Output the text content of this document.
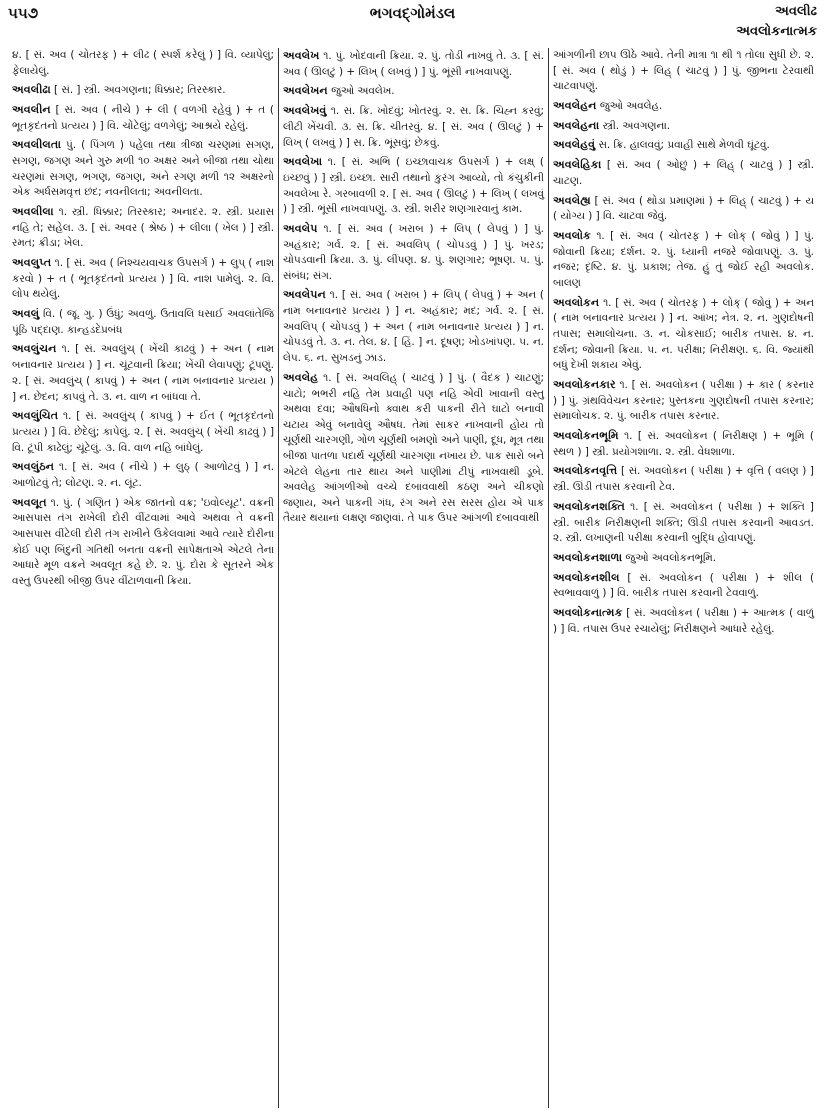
૫૫૭	ભગવદ્ગોમંડલ	અવલીઢ
અવલોકનાત્મક

૪. [ સં. અવ ( ચોતરફ ) + લીઢ ( સ્પર્શ કરેલું ) ] વિ. વ્યાપેલું; ફેલાયેલું.

અવલીઢા [ સં. ] સ્ત્રી. અવગણના; ધિક્કાર; તિરસ્કાર.

અવલીન [ સં. અવ ( નીચે ) + લી ( વળગી રહેવું ) + ત ( ભૂતકૃદંતનો પ્રત્યય ) ] વિ. ચોંટેલું; વળગેલું; આશ્રયે રહેલું.

અવલીલતા પું. ( પિંગળ ) પહેલા તથા ત્રીજા ચરણમાં સગણ, સગણ, જગણ અને ગુરુ મળી ૧૦ અક્ષર અને બીજા તથા ચોથા ચરણમાં સગણ, ભગણ, જગણ, અને રગણ મળી ૧૨ અક્ષરનો એક અર્ધસમવૃત્ત છંદ; નવનીલતા; અવનીલતા.

અવલીલા ૧. સ્ત્રી. ધિક્કાર; તિરસ્કાર; અનાદર. ૨. સ્ત્રી. પ્રયાસ નહિ તે; સહેલ. ૩. [ સં. અવર ( શ્રેષ્ઠ ) + લીલા ( ખેલ ) ] સ્ત્રી. રમત; ક્રીડા; ખેલ.

અવલુપ્ત ૧. [ સં. અવ ( નિશ્ચયવાચક ઉપસર્ગ ) + લુપ્ ( નાશ કરવો ) + ત ( ભૂતકૃદંતનો પ્રત્યય ) ] વિ. નાશ પામેલું. ૨. વિ. લોપ થયેલું.

અવલું વિ. ( જૂ. ગુ. ) ઉંધું; અવળું. ઉતાવલિ ધસાઈ અવલાંતેજિ પૂંઠિ પદ્દાણ. કાન્હડદેપ્રબંધ

અવલુંચન ૧. [ સં. અવલુંચ્ ( ખેંચી કાઢવું ) + અન ( નામ બનાવનાર પ્રત્યય ) ] ન. ચૂંટવાની ક્રિયા; ખેંચી લેવાપણું; ટૂંપણું. ૨. [ સં. અવલુંચ્ ( કાપવું ) + અન ( નામ બનાવનાર પ્રત્યય ) ] ન. છેદન; કાપવું તે. ૩. ન. વાળ ન બાંધવા તે.

અવલુંચિત ૧. [ સં. અવલુંચ્ ( કાપવું ) + ઈત ( ભૂતકૃદંતનો પ્રત્યય ) ] વિ. છેદેલું; કાપેલું. ૨. [ સં. અવલુંચ્ ( ખેંચી કાઢવું ) ] વિ. ટૂંપી કાઢેલું; ચૂંટેલું. ૩. વિ. વાળ નહિ બાંધેલું.

અવલુંઠન ૧. [ સં. અવ ( નીચે ) + લુઠ્ ( આળોટવું ) ] ન. આળોટવું તે; લોટણ. ૨. ન. લૂંટ.

અવલૂત ૧. પું. ( ગણિત ) એક જાતનો વક્ર; 'ઇવોલ્યૂટ'. વક્રની આસપાસ તંગ રાખેલી દોરી વીંટવામાં આવે અથવા તે વક્રની આસપાસ વીંટેલી દોરી તંગ રાખીને ઉકેલવામાં આવે ત્યારે દોરીના કોઈ પણ બિંદુની ગતિથી બનતા વક્રની સાપેક્ષતાએ એટલે તેના આધારે મૂળ વક્રને અવલૂત કહે છે. ૨. પું. દોરા કે સૂતરને એક વસ્તુ ઉપરથી બીજી ઉપર વીંટાળવાની ક્રિયા.

અવલેખ ૧. પું. ખોદવાની ક્રિયા. ૨. પું. તોડી નાખવું તે. ૩. [ સં. અવ ( ઊલટું ) + લિખ્ ( લખવું ) ] પું. ભૂંસી નાખવાપણું.

અવલેખન જુઓ અવલેખ.

અવલેખવું ૧. સ. ક્રિ. ખોદવું; ખોતરવું. ૨. સ. ક્રિ. ચિહ્ન કરવું; લીટી ખેંચવી. ૩. સ. ક્રિ. ચીતરવું. ૪. [ સં. અવ ( ઊલટું ) + લિખ્ ( લખવું ) ] સ. ક્રિ. ભૂંસવું; છેકવું.

અવલેખા ૧. [ સં. અભિ ( ઇચ્છાવાચક ઉપસર્ગ ) + લક્ષ્ ( ઇચ્છવું ) ] સ્ત્રી. ઇચ્છા. સારી તથાનો કુરંગ આવ્યો, તો કંચુકીની અવલેખા રે. ગરબાવળી ૨. [ સં. અવ ( ઊલટું ) + લિખ્ ( લખવું ) ] સ્ત્રી. ભૂંસી નાખવાપણું. ૩. સ્ત્રી. શરીર શણગારવાનું કામ.

અવલેપ ૧. [ સં. અવ ( ખરાબ ) + લિપ્ ( લેપવું ) ] પું. અહંકાર; ગર્વ. ૨. [ સં. અવલિપ્ ( ચોપડવું ) ] પું. ખરડ; ચોપડવાની ક્રિયા. ૩. પું. લીંપણ. ૪. પું. શણગાર; ભૂષણ. ૫. પું. સંબંધ; સંગ.

અવલેપન ૧. [ સં. અવ ( ખરાબ ) + લિપ્ ( લેપવું ) + અન ( નામ બનાવનાર પ્રત્યય ) ] ન. અહંકાર; મદ; ગર્વ. ૨. [ સં. અવલિપ્ ( ચોપડવું ) + અન ( નામ બનાવનાર પ્રત્યય ) ] ન. ચોપડવું તે. ૩. ન. તેલ. ૪. [ હિં. ] ન. દૂષણ; ખોડખાંપણ. ૫. ન. લેપ. ૬. ન. સુખડનું ઝાડ.

અવલેહ ૧. [ સં. અવલિહ્ ( ચાટવું ) ] પું. ( વૈદક ) ચાટણું; ચાટો; ભભરી નહિ તેમ પ્રવાહી પણ નહિ એવી ખાવાની વસ્તુ અથવા દવા; ઔષધિનો ક્વાથ કરી પાકની રીતે ઘાટો બનાવી ચટાય એવું બનાવેલું ઔષધ. તેમાં સાકર નાખવાની હોય તો ચૂર્ણથી ચારગણી, ગોળ ચૂર્ણથી બમણો અને પાણી, દૂધ, મૂત્ર તથા બીજા પાતળા પદાર્થ ચૂર્ણથી ચારગણા નખાય છે. પાક સારો બને એટલે લેહના તાર થાય અને પાણીમાં ટીપું નાખવાથી ડૂબે. અવલેહ આંગળીઓ વચ્ચે દબાવવાથી કઠણ અને ચીકણો જણાય, અને પાકની ગંધ, રંગ અને રસ સરસ હોય એ પાક તૈયાર થયાનાં લક્ષણ જાણવાં. તે પાક ઉપર આંગળી દબાવવાથી

આંગળીની છાપ ઊઠે આવે. તેની માત્રા ૧ા થી ૧ તોલા સુધી છે. ૨. [ સં. અવ ( થોડું ) + લિહ્ ( ચાટવું ) ] પું. જીભના ટેરવાથી ચાટવાપણું.

અવલેહન જુઓ અવલેહ.

અવલેહના સ્ત્રી. અવગણના.

અવલેહવું સ. ક્રિ. હાલવવું; પ્રવાહી સાથે મેળવી ઘૂંટવું.

અવલેહિકા [ સં. અવ ( ઓછું ) + લિહ્ ( ચાટવું ) ] સ્ત્રી. ચાટણ.

અવલેહ્ય [ સં. અવ ( થોડા પ્રમાણમાં ) + લિહ્ ( ચાટવું ) + ય ( યોગ્ય ) ] વિ. ચાટવા જેવું.

અવલોક ૧. [ સં. અવ ( ચોતરફ ) + લોક્ ( જોવું ) ] પું. જોવાની ક્રિયા; દર્શન. ૨. પું. ધ્યાની નજરે જોવાપણું. ૩. પું. નજર; દૃષ્ટિ. ૪. પું. પ્રકાશ; તેજ. હું તું જોઈ રહી અવલોક. બાલણ

અવલોકન ૧. [ સં. અવ ( ચોતરફ ) + લોક્ ( જોવું ) + અન ( નામ બનાવનાર પ્રત્યય ) ] ન. આંખ; નેત્ર. ૨. ન. ગુણદોષની તપાસ; સમાલોચના. ૩. ન. ચોકસાઈ; બારીક તપાસ. ૪. ન. દર્શન; જોવાની ક્રિયા. ૫. ન. પરીક્ષા; નિરીક્ષણ. ૬. વિ. જ્યાંથી બધું દેખી શકાય એવું.

અવલોકનકાર ૧. [ સં. અવલોકન ( પરીક્ષા ) + કાર ( કરનાર ) ] પું. ગ્રંથવિવેચન કરનાર; પુસ્તકના ગુણદોષની તપાસ કરનાર; સમાલોચક. ૨. પું. બારીક તપાસ કરનાર.

અવલોકનભૂમિ ૧. [ સં. અવલોકન ( નિરીક્ષણ ) + ભૂમિ ( સ્થળ ) ] સ્ત્રી. પ્રયોગશાળા. ૨. સ્ત્રી. વેધશાળા.

અવલોકનવૃત્તિ [ સં. અવલોકન ( પરીક્ષા ) + વૃત્તિ ( વલણ ) ] સ્ત્રી. ઊંડી તપાસ કરવાની ટેવ.

અવલોકનશક્તિ ૧. [ સં. અવલોકન ( પરીક્ષા ) + શક્તિ ] સ્ત્રી. બારીક નિરીક્ષણની શક્તિ; ઊંડી તપાસ કરવાની આવડત. ૨. સ્ત્રી. લખાણની પરીક્ષા કરવાની બુદ્ધિ હોવાપણું.

અવલોકનશાળા જુઓ અવલોકનભૂમિ.

અવલોકનશીલ [ સં. અવલોકન ( પરીક્ષા ) + શીલ ( સ્વભાવવાળું ) ] વિ. બારીક તપાસ કરવાની ટેવવાળું.

અવલોકનાત્મક [ સં. અવલોકન ( પરીક્ષા ) + આત્મક ( વાળું ) ] વિ. તપાસ ઉપર રચાયેલું; નિરીક્ષણને આધારે રહેલું.
